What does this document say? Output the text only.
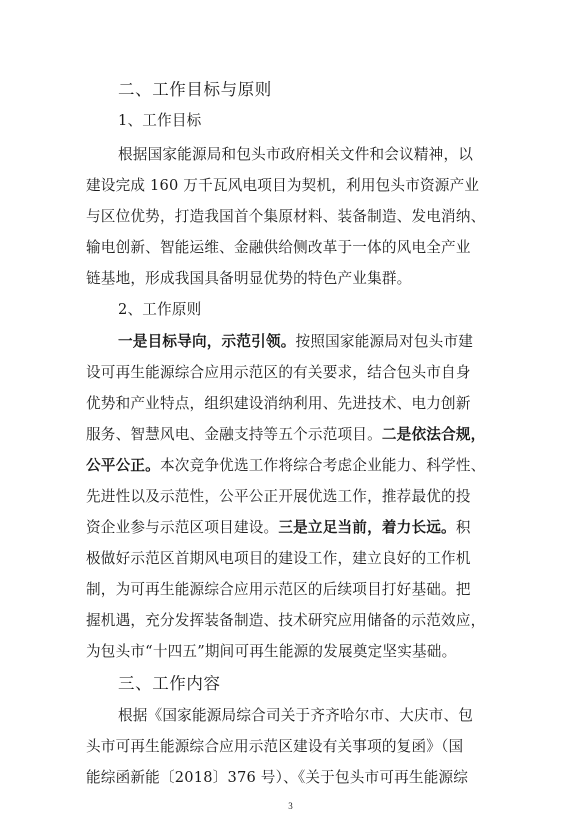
二、工作目标与原则
1、工作目标
根据国家能源局和包头市政府相关文件和会议精神，以
建设完成 160 万千瓦风电项目为契机，利用包头市资源产业
与区位优势，打造我国首个集原材料、装备制造、发电消纳、
输电创新、智能运维、金融供给侧改革于一体的风电全产业
链基地，形成我国具备明显优势的特色产业集群。
2、工作原则
一是目标导向，示范引领。按照国家能源局对包头市建
设可再生能源综合应用示范区的有关要求，结合包头市自身
优势和产业特点，组织建设消纳利用、先进技术、电力创新
服务、智慧风电、金融支持等五个示范项目。二是依法合规，
公平公正。本次竞争优选工作将综合考虑企业能力、科学性、
先进性以及示范性，公平公正开展优选工作，推荐最优的投
资企业参与示范区项目建设。三是立足当前，着力长远。积
极做好示范区首期风电项目的建设工作，建立良好的工作机
制，为可再生能源综合应用示范区的后续项目打好基础。把
握机遇，充分发挥装备制造、技术研究应用储备的示范效应，
为包头市“十四五”期间可再生能源的发展奠定坚实基础。
三、工作内容
根据《国家能源局综合司关于齐齐哈尔市、大庆市、包
头市可再生能源综合应用示范区建设有关事项的复函》（国
能综函新能〔2018〕376 号）、《关于包头市可再生能源综
3
